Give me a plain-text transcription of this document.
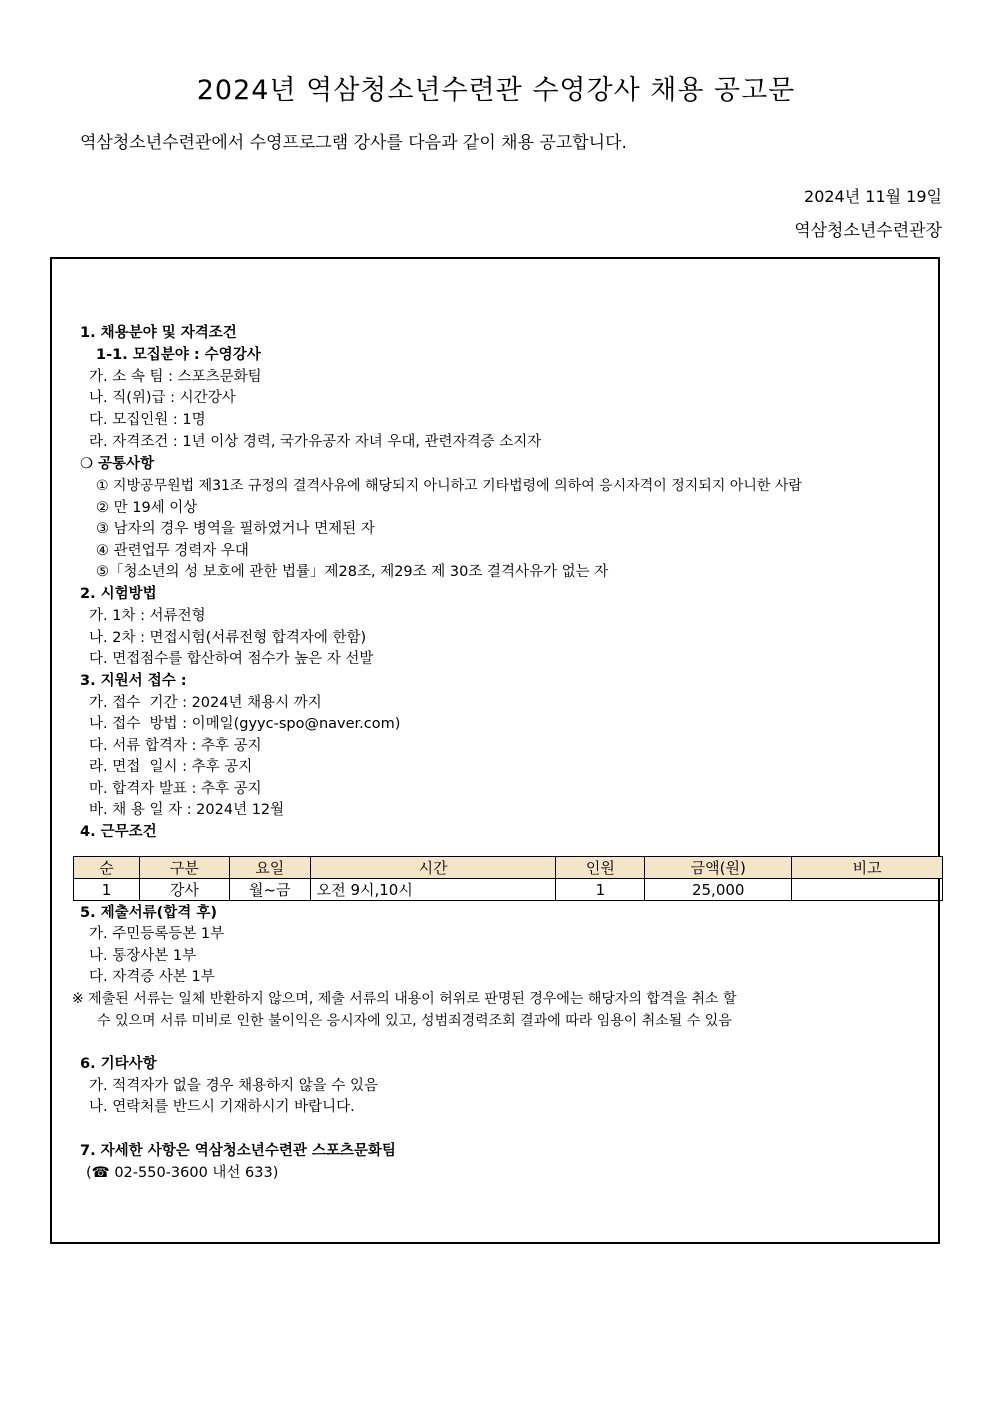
2024년 역삼청소년수련관 수영강사 채용 공고문
역삼청소년수련관에서 수영프로그램 강사를 다음과 같이 채용 공고합니다.
2024년 11월 19일
역삼청소년수련관장
1. 채용분야 및 자격조건
1-1. 모집분야 : 수영강사
가. 소 속 팀 : 스포츠문화팀
나. 직(위)급 : 시간강사
다. 모집인원 : 1명
라. 자격조건 : 1년 이상 경력, 국가유공자 자녀 우대, 관련자격증 소지자
❍ 공통사항
① 지방공무원법 제31조 규정의 결격사유에 해당되지 아니하고 기타법령에 의하여 응시자격이 정지되지 아니한 사람
② 만 19세 이상
③ 남자의 경우 병역을 필하였거나 면제된 자
④ 관련업무 경력자 우대
⑤「청소년의 성 보호에 관한 법률」제28조, 제29조 제 30조 결격사유가 없는 자
2. 시험방법
가. 1차 : 서류전형
나. 2차 : 면접시험(서류전형 합격자에 한함)
다. 면접점수를 합산하여 점수가 높은 자 선발
3. 지원서 접수 :
가. 접수  기간 : 2024년 채용시 까지
나. 접수  방법 : 이메일(gyyc-spo@naver.com)
다. 서류 합격자 : 추후 공지
라. 면접  일시 : 추후 공지
마. 합격자 발표 : 추후 공지
바. 채 용 일 자 : 2024년 12월
4. 근무조건
순	구분	요일	시간	인원	금액(원)	비고
1	강사	월~금	오전 9시,10시	1	25,000	
5. 제출서류(합격 후)
가. 주민등록등본 1부
나. 통장사본 1부
다. 자격증 사본 1부
※ 제출된 서류는 일체 반환하지 않으며, 제출 서류의 내용이 허위로 판명된 경우에는 해당자의 합격을 취소 할
수 있으며 서류 미비로 인한 불이익은 응시자에 있고, 성범죄경력조회 결과에 따라 임용이 취소될 수 있음
6. 기타사항
가. 적격자가 없을 경우 채용하지 않을 수 있음
나. 연락처를 반드시 기재하시기 바랍니다.
7. 자세한 사항은 역삼청소년수련관 스포츠문화팀
(☎ 02-550-3600 내선 633)
